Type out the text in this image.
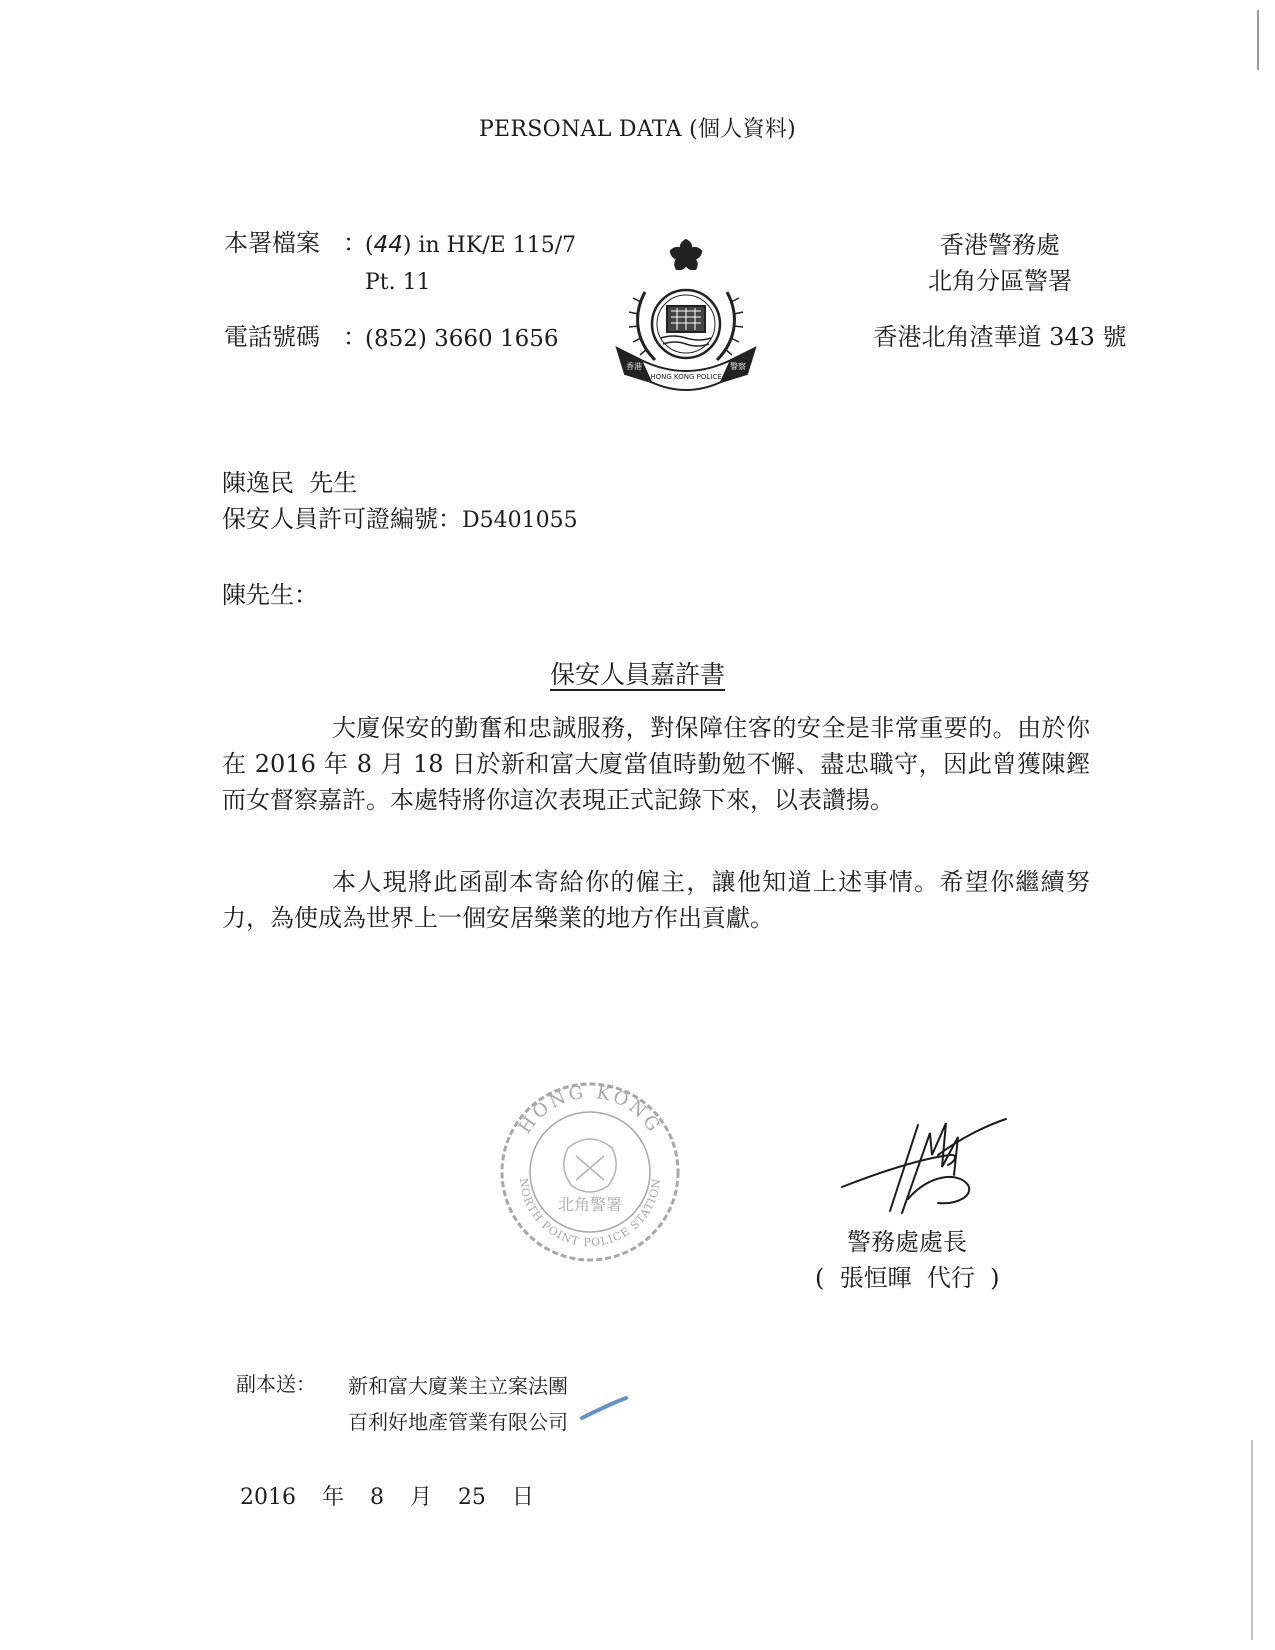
PERSONAL DATA (個人資料)
本署檔案 ：
(44) in HK/E 115/7
Pt. 11
電話號碼 ：
(852) 3660 1656
HONG KONG POLICE
香港	警察
香港警務處
北角分區警署
香港北角渣華道 343 號
陳逸民  先生
保安人員許可證編號：D5401055
陳先生：
保安人員嘉許書

大廈保安的勤奮和忠誠服務，對保障住客的安全是非常重要的。由於你在 2016 年 8 月 18 日於新和富大廈當值時勤勉不懈、盡忠職守，因此曾獲陳鏗而女督察嘉許。本處特將你這次表現正式記錄下來，以表讚揚。

本人現將此函副本寄給你的僱主，讓他知道上述事情。希望你繼續努力，為使成為世界上一個安居樂業的地方作出貢獻。

HONG KONG
NORTH POINT POLICE STATION
北角警署
警務處處長
(  張恒暉  代行  )
副本送： 新和富大廈業主立案法團
百利好地產管業有限公司
2016  年  8  月  25  日
